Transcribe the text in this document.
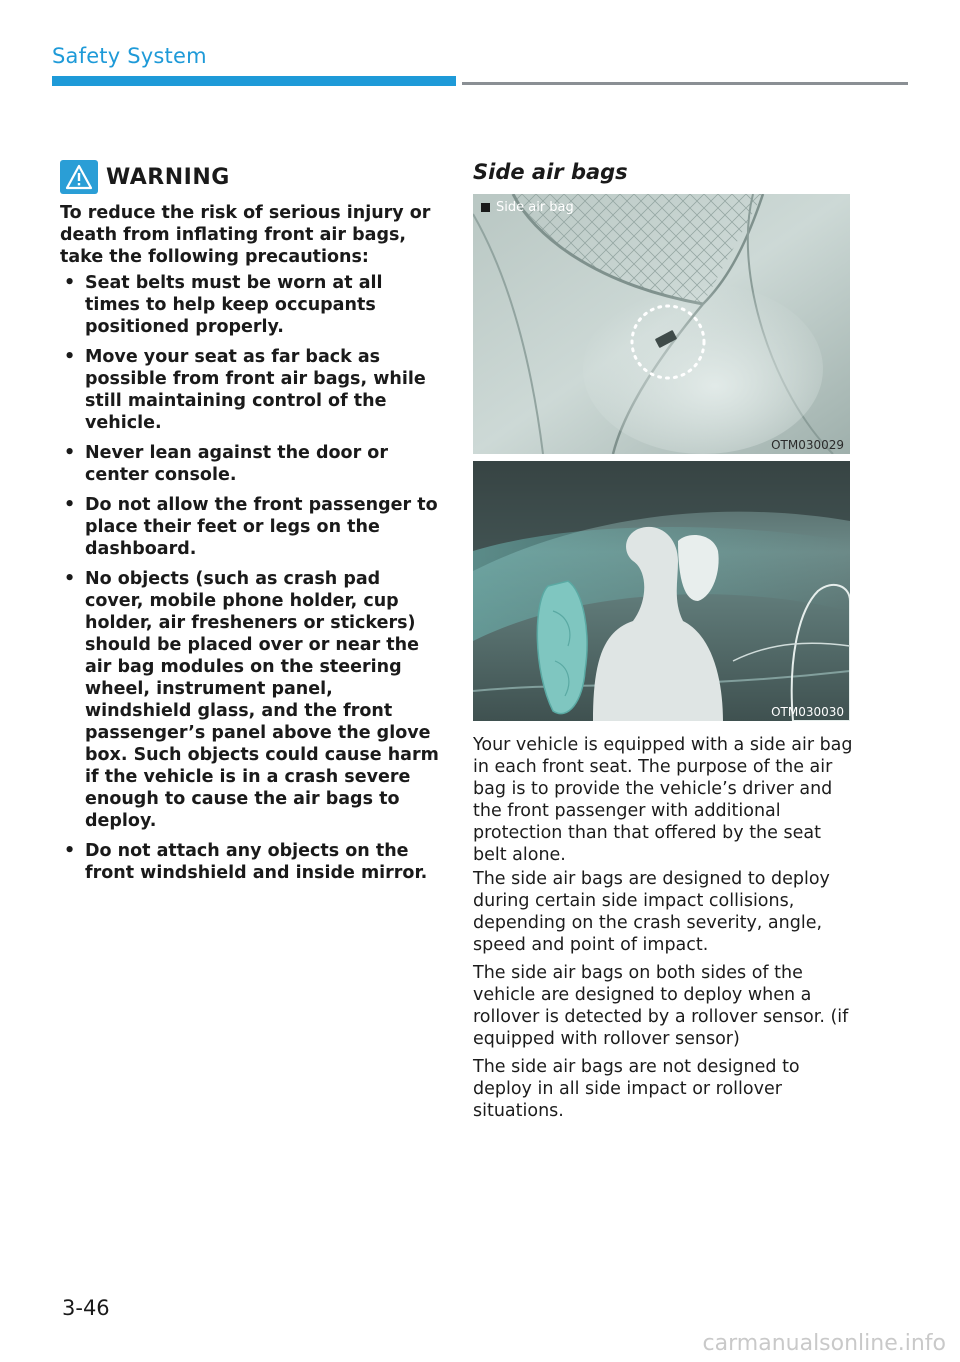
Safety System
WARNING
To reduce the risk of serious injury or death from inflating front air bags, take the following precautions:
• Seat belts must be worn at all times to help keep occupants positioned properly.
• Move your seat as far back as possible from front air bags, while still maintaining control of the vehicle.
• Never lean against the door or center console.
• Do not allow the front passenger to place their feet or legs on the dashboard.
• No objects (such as crash pad cover, mobile phone holder, cup holder, air fresheners or stickers) should be placed over or near the air bag modules on the steering wheel, instrument panel, windshield glass, and the front passenger’s panel above the glove box. Such objects could cause harm if the vehicle is in a crash severe enough to cause the air bags to deploy.
• Do not attach any objects on the front windshield and inside mirror.
Side air bags
Side air bag
OTM030029
OTM030030

Your vehicle is equipped with a side air bag in each front seat. The purpose of the air bag is to provide the vehicle’s driver and the front passenger with additional protection than that offered by the seat belt alone.

The side air bags are designed to deploy during certain side impact collisions, depending on the crash severity, angle, speed and point of impact.

The side air bags on both sides of the vehicle are designed to deploy when a rollover is detected by a rollover sensor. (if equipped with rollover sensor)

The side air bags are not designed to deploy in all side impact or rollover situations.

3-46
carmanualsonline.info
